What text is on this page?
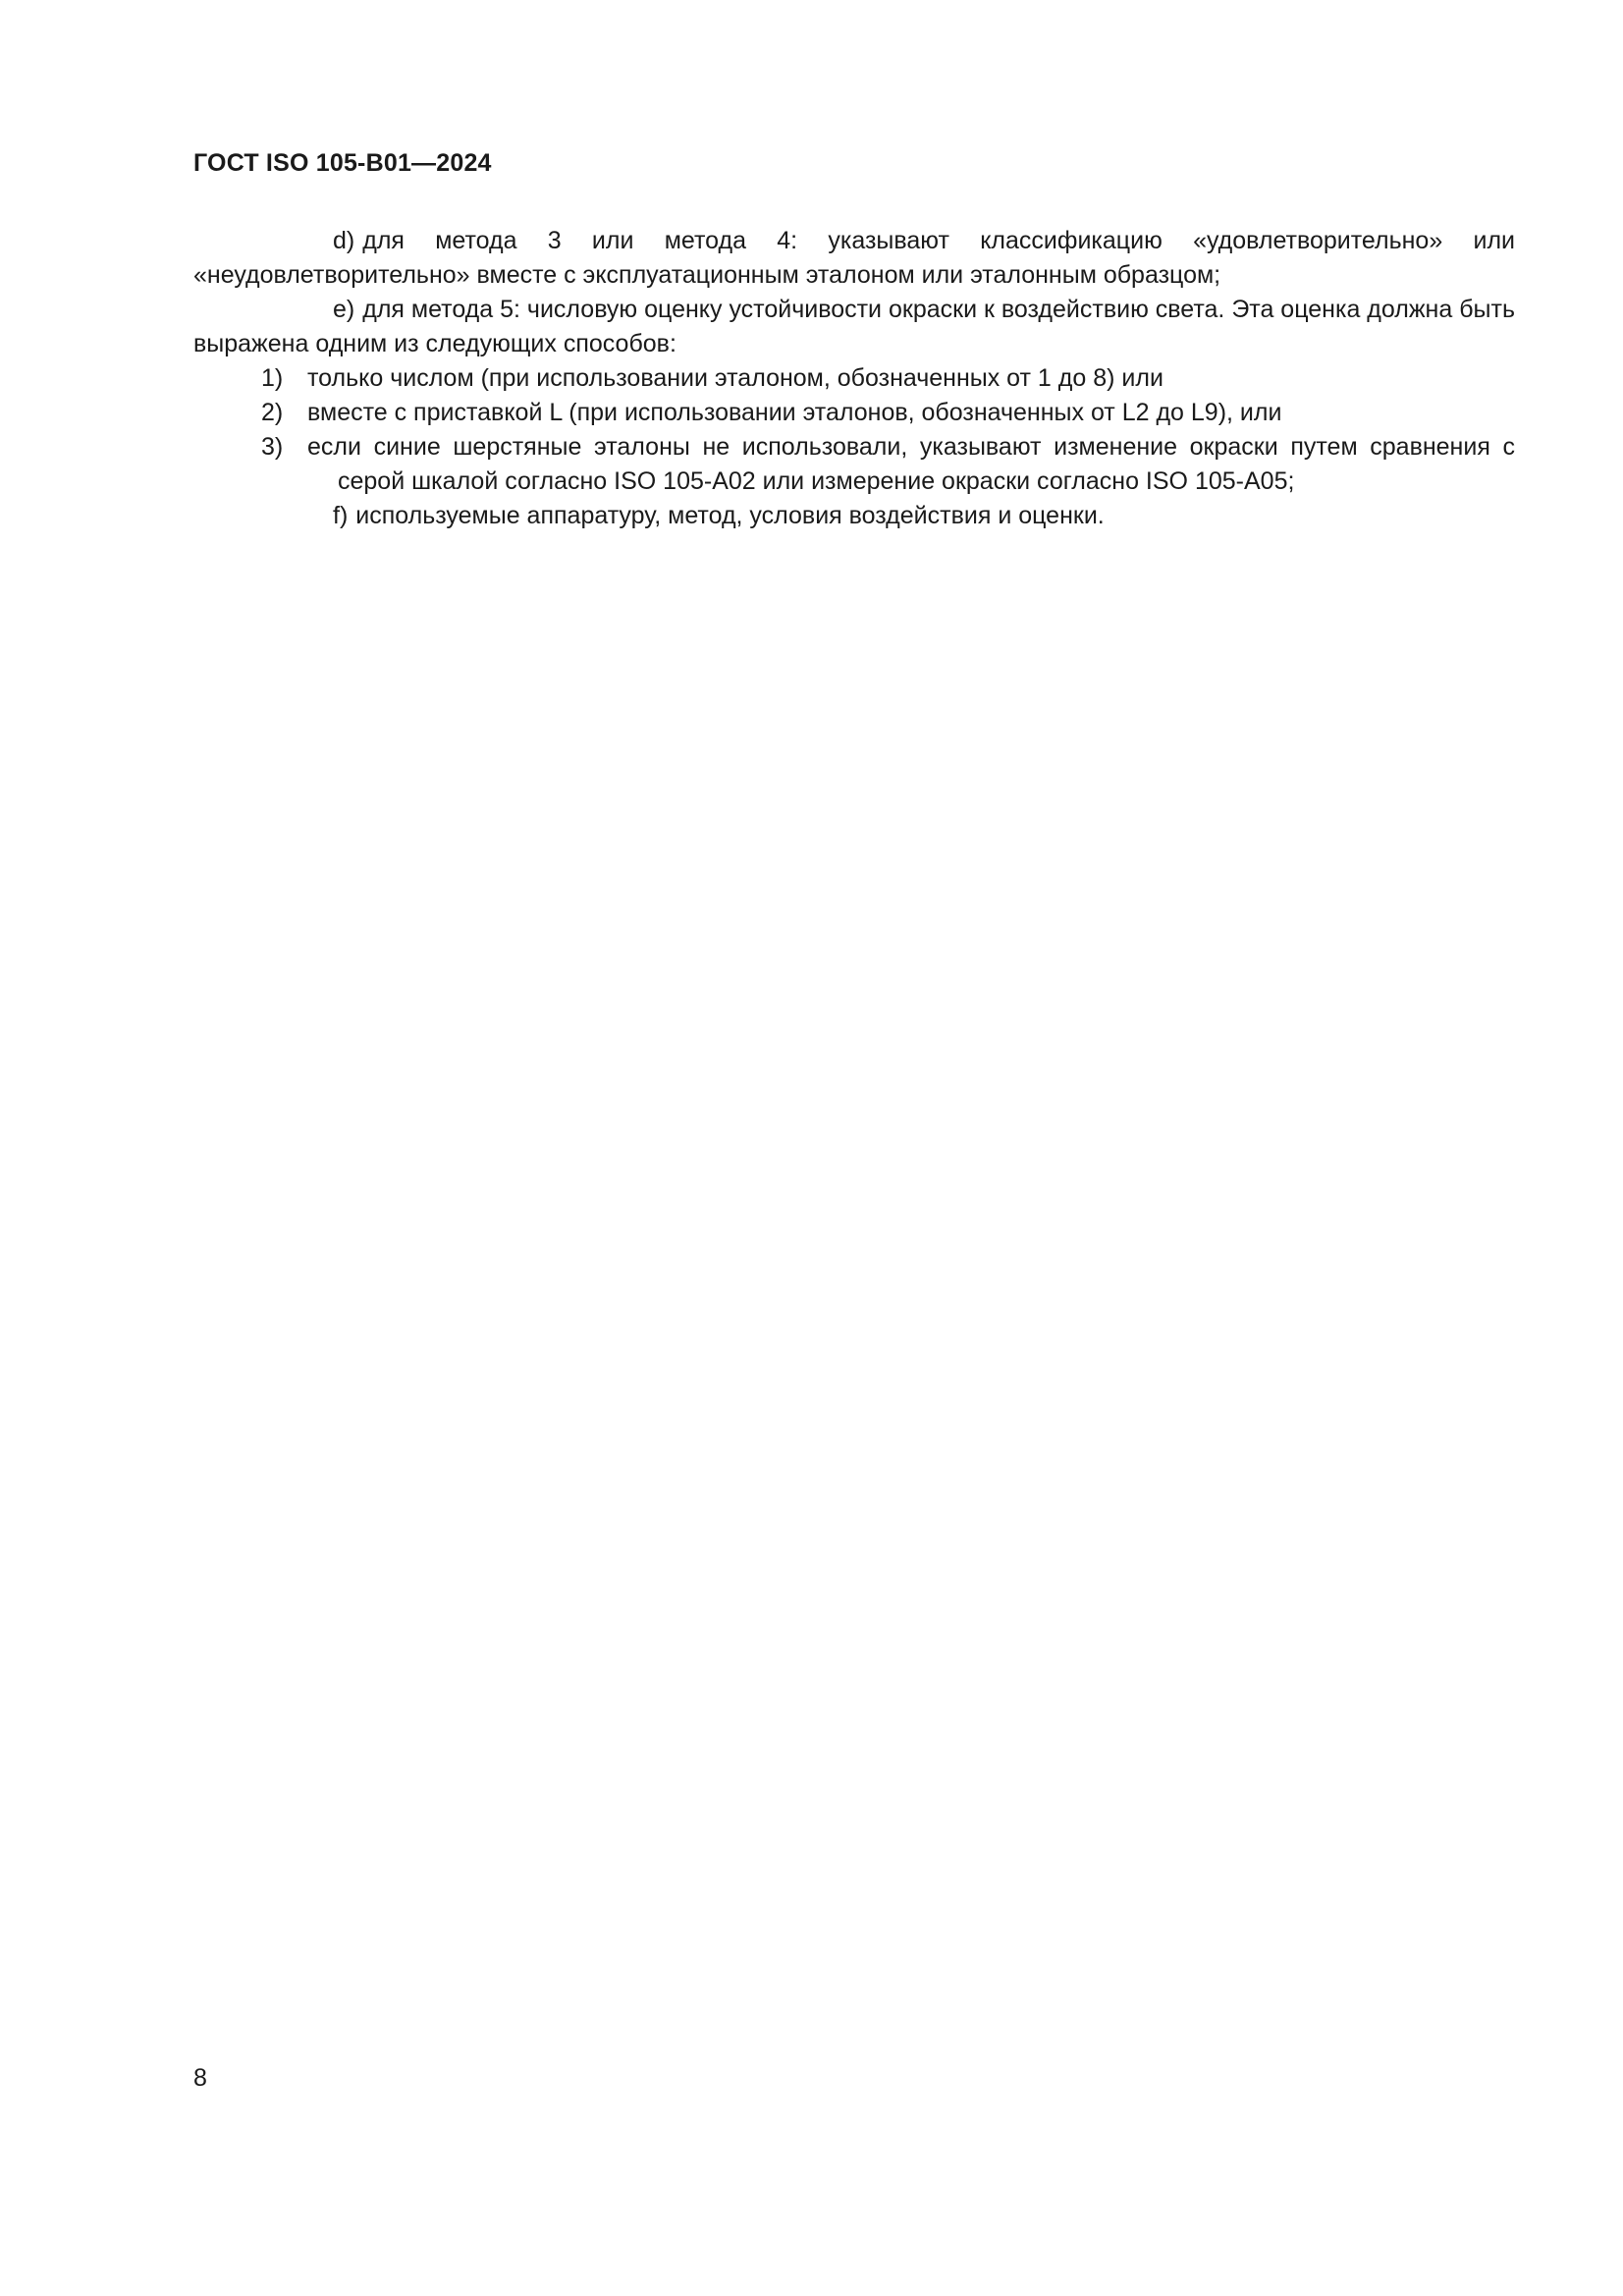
ГОСТ ISO 105-B01—2024

d) для метода 3 или метода 4: указывают классификацию «удовлетворительно» или «неудовлетворительно» вместе с эксплуатационным эталоном или эталонным образцом;

e) для метода 5: числовую оценку устойчивости окраски к воздействию света. Эта оценка должна быть выражена одним из следующих способов:

1) только числом (при использовании эталоном, обозначенных от 1 до 8) или

2) вместе с приставкой L (при использовании эталонов, обозначенных от L2 до L9), или

3) если синие шерстяные эталоны не использовали, указывают изменение окраски путем сравнения с серой шкалой согласно ISO 105-A02 или измерение окраски согласно ISO 105-A05;

f) используемые аппаратуру, метод, условия воздействия и оценки.

8
